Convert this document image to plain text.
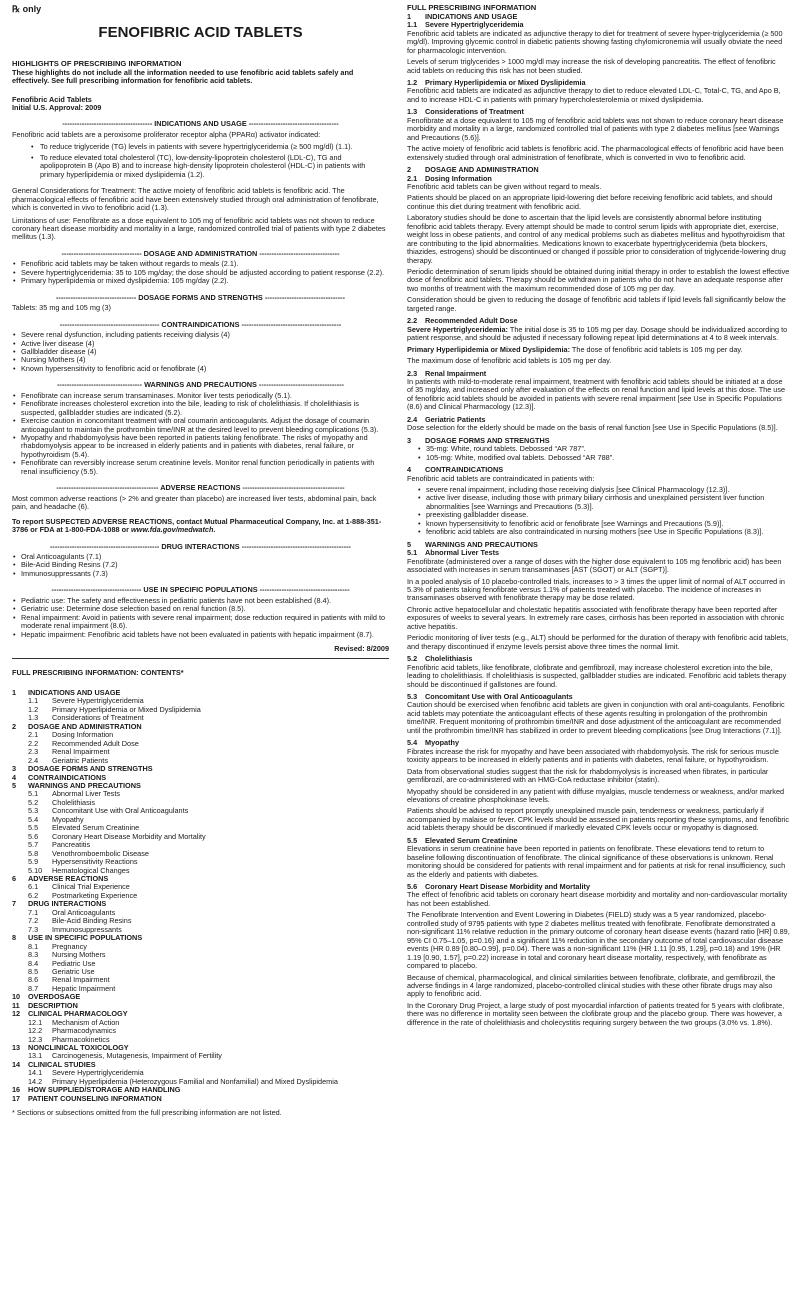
℞ only
FENOFIBRIC ACID TABLETS

HIGHLIGHTS OF PRESCRIBING INFORMATION

These highlights do not include all the information needed to use fenofibric acid tablets safely and effectively. See full prescribing information for fenofibric acid tablets.

Fenofibric Acid Tablets

Initial U.S. Approval: 2009

------------------------------------- INDICATIONS AND USAGE -------------------------------------

Fenofibric acid tablets are a peroxisome proliferator receptor alpha (PPARα) activator indicated:

• To reduce triglyceride (TG) levels in patients with severe hypertriglyceridemia (≥ 500 mg/dl) (1.1).
• To reduce elevated total cholesterol (TC), low-density-lipoprotein cholesterol (LDL-C), TG and apolipoprotein B (Apo B) and to increase high-density lipoprotein cholesterol (HDL-C) in patients with primary hyperlipidemia or mixed dyslipidemia (1.2).

General Considerations for Treatment: The active moiety of fenofibric acid tablets is fenofibric acid. The pharmacological effects of fenofibric acid have been extensively studied through oral administration of fenofibrate, which is converted in vivo to fenofibric acid (1.3).

Limitations of use: Fenofibrate as a dose equivalent to 105 mg of fenofibric acid tablets was not shown to reduce coronary heart disease morbidity and mortality in a large, randomized controlled trial of patients with type 2 diabetes mellitus (1.3).

--------------------------------- DOSAGE AND ADMINISTRATION ---------------------------------
• Fenofibric acid tablets may be taken without regards to meals (2.1).
• Severe hypertriglyceridemia: 35 to 105 mg/day; the dose should be adjusted according to patient response (2.2).
• Primary hyperlipidemia or mixed dyslipidemia: 105 mg/day (2.2).
--------------------------------- DOSAGE FORMS AND STRENGTHS ---------------------------------

Tablets: 35 mg and 105 mg (3)

----------------------------------------- CONTRAINDICATIONS -----------------------------------------
• Severe renal dysfunction, including patients receiving dialysis (4)
• Active liver disease (4)
• Gallbladder disease (4)
• Nursing Mothers (4)
• Known hypersensitivity to fenofibric acid or fenofibrate (4)
----------------------------------- WARNINGS AND PRECAUTIONS -----------------------------------
• Fenofibrate can increase serum transaminases. Monitor liver tests periodically (5.1).
• Fenofibrate increases cholesterol excretion into the bile, leading to risk of cholelithiasis. If cholelithiasis is suspected, gallbladder studies are indicated (5.2).
• Exercise caution in concomitant treatment with oral coumarin anticoagulants. Adjust the dosage of coumarin anticoagulant to maintain the prothrombin time/INR at the desired level to prevent bleeding complications (5.3).
• Myopathy and rhabdomyolysis have been reported in patients taking fenofibrate. The risks of myopathy and rhabdomyolysis appear to be increased in elderly patients and in patients with diabetes, renal failure, or hypothyroidism (5.4).
• Fenofibrate can reversibly increase serum creatinine levels. Monitor renal function periodically in patients with renal insufficiency (5.5).
------------------------------------------ ADVERSE REACTIONS ------------------------------------------

Most common adverse reactions (> 2% and greater than placebo) are increased liver tests, abdominal pain, back pain, and headache (6).

To report SUSPECTED ADVERSE REACTIONS, contact Mutual Pharmaceutical Company, Inc. at 1-888-351-3786 or FDA at 1-800-FDA-1088 or www.fda.gov/medwatch.

--------------------------------------------- DRUG INTERACTIONS ---------------------------------------------
• Oral Anticoagulants (7.1)
• Bile-Acid Binding Resins (7.2)
• Immunosuppressants (7.3)
------------------------------------- USE IN SPECIFIC POPULATIONS -------------------------------------
• Pediatric use: The safety and effectiveness in pediatric patients have not been established (8.4).
• Geriatric use: Determine dose selection based on renal function (8.5).
• Renal impairment: Avoid in patients with severe renal impairment; dose reduction required in patients with mild to moderate renal impairment (8.6).
• Hepatic impairment: Fenofibric acid tablets have not been evaluated in patients with hepatic impairment (8.7).
Revised: 8/2009
FULL PRESCRIBING INFORMATION: CONTENTS*
1	INDICATIONS AND USAGE
1.1	Severe Hypertriglyceridemia
1.2	Primary Hyperlipidemia or Mixed Dyslipidemia
1.3	Considerations of Treatment
2	DOSAGE AND ADMINISTRATION
2.1	Dosing Information
2.2	Recommended Adult Dose
2.3	Renal Impairment
2.4	Geriatric Patients
3	DOSAGE FORMS AND STRENGTHS
4	CONTRAINDICATIONS
5	WARNINGS AND PRECAUTIONS
5.1	Abnormal Liver Tests
5.2	Cholelithiasis
5.3	Concomitant Use with Oral Anticoagulants
5.4	Myopathy
5.5	Elevated Serum Creatinine
5.6	Coronary Heart Disease Morbidity and Mortality
5.7	Pancreatitis
5.8	Venothromboembolic Disease
5.9	Hypersensitivity Reactions
5.10	Hematological Changes
6	ADVERSE REACTIONS
6.1	Clinical Trial Experience
6.2	Postmarketing Experience
7	DRUG INTERACTIONS
7.1	Oral Anticoagulants
7.2	Bile-Acid Binding Resins
7.3	Immunosuppressants
8	USE IN SPECIFIC POPULATIONS
8.1	Pregnancy
8.3	Nursing Mothers
8.4	Pediatric Use
8.5	Geriatric Use
8.6	Renal Impairment
8.7	Hepatic Impairment
10	OVERDOSAGE
11	DESCRIPTION
12	CLINICAL PHARMACOLOGY
12.1	Mechanism of Action
12.2	Pharmacodynamics
12.3	Pharmacokinetics
13	NONCLINICAL TOXICOLOGY
13.1	Carcinogenesis, Mutagenesis, Impairment of Fertility
14	CLINICAL STUDIES
14.1	Severe Hypertriglyceridemia
14.2	Primary Hyperlipidemia (Heterozygous Familial and Nonfamilial) and Mixed Dyslipidemia
16	HOW SUPPLIED/STORAGE AND HANDLING
17	PATIENT COUNSELING INFORMATION
* Sections or subsections omitted from the full prescribing information are not listed.
FULL PRESCRIBING INFORMATION
1	INDICATIONS AND USAGE
1.1	Severe Hypertriglyceridemia

Fenofibric acid tablets are indicated as adjunctive therapy to diet for treatment of severe hyper-triglyceridemia (≥ 500 mg/dl). Improving glycemic control in diabetic patients showing fasting chylomicronemia will usually obviate the need for pharmacologic intervention.

Levels of serum triglycerides > 1000 mg/dl may increase the risk of developing pancreatitis. The effect of fenofibric acid tablets on reducing this risk has not been studied.

1.2	Primary Hyperlipidemia or Mixed Dyslipidemia

Fenofibric acid tablets are indicated as adjunctive therapy to diet to reduce elevated LDL-C, Total-C, TG, and Apo B, and to increase HDL-C in patients with primary hypercholesterolemia or mixed dyslipidemia.

1.3	Considerations of Treatment

Fenofibrate at a dose equivalent to 105 mg of fenofibric acid tablets was not shown to reduce coronary heart disease morbidity and mortality in a large, randomized controlled trial of patients with type 2 diabetes mellitus [see Warnings and Precautions (5.6)].

The active moiety of fenofibric acid tablets is fenofibric acid. The pharmacological effects of fenofibric acid have been extensively studied through oral administration of fenofibrate, which is converted in vivo to fenofibric acid.

2	DOSAGE AND ADMINISTRATION
2.1	Dosing Information

Fenofibric acid tablets can be given without regard to meals.

Patients should be placed on an appropriate lipid-lowering diet before receiving fenofibric acid tablets, and should continue this diet during treatment with fenofibric acid.

Laboratory studies should be done to ascertain that the lipid levels are consistently abnormal before instituting fenofibric acid tablets therapy. Every attempt should be made to control serum lipids with appropriate diet, exercise, weight loss in obese patients, and control of any medical problems such as diabetes mellitus and hypothyroidism that are contributing to the lipid abnormalities. Medications known to exacerbate hypertriglyceridemia (beta blockers, thiazides, estrogens) should be discontinued or changed if possible prior to consideration of triglyceride-lowering drug therapy.

Periodic determination of serum lipids should be obtained during initial therapy in order to establish the lowest effective dose of fenofibric acid tablets. Therapy should be withdrawn in patients who do not have an adequate response after two months of treatment with the maximum recommended dose of 105 mg per day.

Consideration should be given to reducing the dosage of fenofibric acid tablets if lipid levels fall significantly below the targeted range.

2.2	Recommended Adult Dose

Severe Hypertriglyceridemia: The initial dose is 35 to 105 mg per day. Dosage should be individualized according to patient response, and should be adjusted if necessary following repeat lipid determinations at 4 to 8 week intervals.

Primary Hyperlipidemia or Mixed Dyslipidemia: The dose of fenofibric acid tablets is 105 mg per day.

The maximum dose of fenofibric acid tablets is 105 mg per day.

2.3	Renal Impairment

In patients with mild-to-moderate renal impairment, treatment with fenofibric acid tablets should be initiated at a dose of 35 mg/day, and increased only after evaluation of the effects on renal function and lipid levels at this dose. The use of fenofibric acid tablets should be avoided in patients with severe renal impairment [see Use in Specific Populations (8.6) and Clinical Pharmacology (12.3)].

2.4	Geriatric Patients

Dose selection for the elderly should be made on the basis of renal function [see Use in Specific Populations (8.5)].

3	DOSAGE FORMS AND STRENGTHS
• 35-mg: White, round tablets. Debossed “AR 787”.
• 105-mg: White, modified oval tablets. Debossed “AR 788”.
4	CONTRAINDICATIONS

Fenofibric acid tablets are contraindicated in patients with:

• severe renal impairment, including those receiving dialysis [see Clinical Pharmacology (12.3)].
• active liver disease, including those with primary biliary cirrhosis and unexplained persistent liver function abnormalities [see Warnings and Precautions (5.3)].
• preexisting gallbladder disease.
• known hypersensitivity to fenofibric acid or fenofibrate [see Warnings and Precautions (5.9)].
• fenofibric acid tablets are also contraindicated in nursing mothers [see Use in Specific Populations (8.3)].
5	WARNINGS AND PRECAUTIONS
5.1	Abnormal Liver Tests

Fenofibrate (administered over a range of doses with the higher dose equivalent to 105 mg fenofibric acid) has been associated with increases in serum transaminases [AST (SGOT) or ALT (SGPT)].

In a pooled analysis of 10 placebo-controlled trials, increases to > 3 times the upper limit of normal of ALT occurred in 5.3% of patients taking fenofibrate versus 1.1% of patients treated with placebo. The incidence of increases in transaminases observed with fenofibrate therapy may be dose related.

Chronic active hepatocellular and cholestatic hepatitis associated with fenofibrate therapy have been reported after exposures of weeks to several years. In extremely rare cases, cirrhosis has been reported in association with chronic active hepatitis.

Periodic monitoring of liver tests (e.g., ALT) should be performed for the duration of therapy with fenofibric acid tablets, and therapy discontinued if enzyme levels persist above three times the normal limit.

5.2	Cholelithiasis

Fenofibric acid tablets, like fenofibrate, clofibrate and gemfibrozil, may increase cholesterol excretion into the bile, leading to cholelithiasis. If cholelithiasis is suspected, gallbladder studies are indicated. Fenofibric acid tablets therapy should be discontinued if gallstones are found.

5.3	Concomitant Use with Oral Anticoagulants

Caution should be exercised when fenofibric acid tablets are given in conjunction with oral anti-coagulants. Fenofibric acid tablets may potentiate the anticoagulant effects of these agents resulting in prolongation of the prothrombin time/INR. Frequent monitoring of prothrombin time/INR and dose adjustment of the anticoagulant are recommended until the prothrombin time/INR has stabilized in order to prevent bleeding complications [see Drug Interactions (7.1)].

5.4	Myopathy

Fibrates increase the risk for myopathy and have been associated with rhabdomyolysis. The risk for serious muscle toxicity appears to be increased in elderly patients and in patients with diabetes, renal failure, or hypothyroidism.

Data from observational studies suggest that the risk for rhabdomyolysis is increased when fibrates, in particular gemfibrozil, are co-administered with an HMG-CoA reductase inhibitor (statin).

Myopathy should be considered in any patient with diffuse myalgias, muscle tenderness or weakness, and/or marked elevations of creatine phosphokinase levels.

Patients should be advised to report promptly unexplained muscle pain, tenderness or weakness, particularly if accompanied by malaise or fever. CPK levels should be assessed in patients reporting these symptoms, and fenofibric acid tablets therapy should be discontinued if markedly elevated CPK levels occur or myopathy is diagnosed.

5.5	Elevated Serum Creatinine

Elevations in serum creatinine have been reported in patients on fenofibrate. These elevations tend to return to baseline following discontinuation of fenofibrate. The clinical significance of these observations is unknown. Renal monitoring should be considered for patients with renal impairment and for patients at risk for renal insufficiency, such as the elderly and patients with diabetes.

5.6	Coronary Heart Disease Morbidity and Mortality

The effect of fenofibric acid tablets on coronary heart disease morbidity and mortality and non-cardiovascular mortality has not been established.

The Fenofibrate Intervention and Event Lowering in Diabetes (FIELD) study was a 5 year randomized, placebo-controlled study of 9795 patients with type 2 diabetes mellitus treated with fenofibrate. Fenofibrate demonstrated a non-significant 11% relative reduction in the primary outcome of coronary heart disease events (hazard ratio [HR] 0.89, 95% CI 0.75–1.05, p=0.16) and a significant 11% reduction in the secondary outcome of total cardiovascular disease events (HR 0.89 [0.80–0.99], p=0.04). There was a non-significant 11% (HR 1.11 [0.95, 1.29], p=0.18) and 19% (HR 1.19 [0.90, 1.57], p=0.22) increase in total and coronary heart disease mortality, respectively, with fenofibrate as compared to placebo.

Because of chemical, pharmacological, and clinical similarities between fenofibrate, clofibrate, and gemfibrozil, the adverse findings in 4 large randomized, placebo-controlled clinical studies with these other fibrate drugs may also apply to fenofibric acid.

In the Coronary Drug Project, a large study of post myocardial infarction of patients treated for 5 years with clofibrate, there was no difference in mortality seen between the clofibrate group and the placebo group. There was however, a difference in the rate of cholelithiasis and cholecystitis requiring surgery between the two groups (3.0% vs. 1.8%).
